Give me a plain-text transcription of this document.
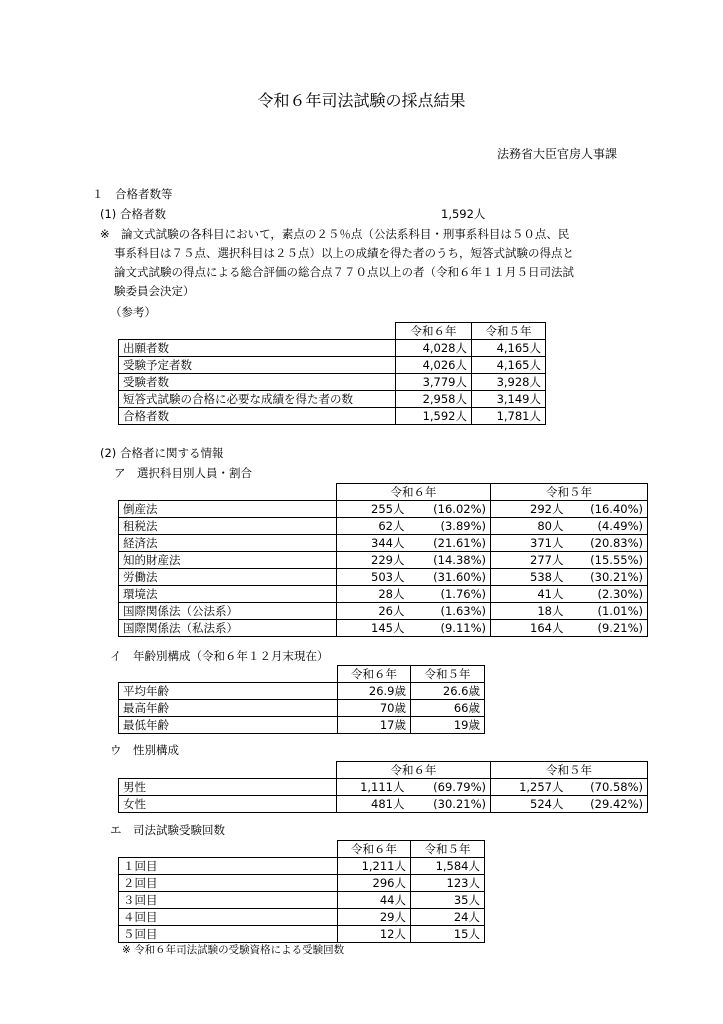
令和６年司法試験の採点結果
法務省大臣官房人事課
１　合格者数等
(1) 合格者数	1,592人
※　論文式試験の各科目において，素点の２５％点（公法系科目・刑事系科目は５０点、民
事系科目は７５点、選択科目は２５点）以上の成績を得た者のうち，短答式試験の得点と
論文式試験の得点による総合評価の総合点７７０点以上の者（令和６年１１月５日司法試
験委員会決定）
（参考）
	令和６年	令和５年
出願者数	4,028人	4,165人
受験予定者数	4,026人	4,165人
受験者数	3,779人	3,928人
短答式試験の合格に必要な成績を得た者の数	2,958人	3,149人
合格者数	1,592人	1,781人
(2) 合格者に関する情報
ア　選択科目別人員・割合
	令和６年		令和５年	
倒産法	255人	(16.02%)	292人	(16.40%)
租税法	62人	(3.89%)	80人	(4.49%)
経済法	344人	(21.61%)	371人	(20.83%)
知的財産法	229人	(14.38%)	277人	(15.55%)
労働法	503人	(31.60%)	538人	(30.21%)
環境法	28人	(1.76%)	41人	(2.30%)
国際関係法（公法系）	26人	(1.63%)	18人	(1.01%)
国際関係法（私法系）	145人	(9.11%)	164人	(9.21%)
イ　年齢別構成（令和６年１２月末現在）
	令和６年	令和５年
平均年齢	26.9歳	26.6歳
最高年齢	70歳	66歳
最低年齢	17歳	19歳
ウ　性別構成
	令和６年		令和５年	
男性	1,111人	(69.79%)	1,257人	(70.58%)
女性	481人	(30.21%)	524人	(29.42%)
エ　司法試験受験回数
	令和６年	令和５年
１回目	1,211人	1,584人
２回目	296人	123人
３回目	44人	35人
４回目	29人	24人
５回目	12人	15人
※ 令和６年司法試験の受験資格による受験回数
